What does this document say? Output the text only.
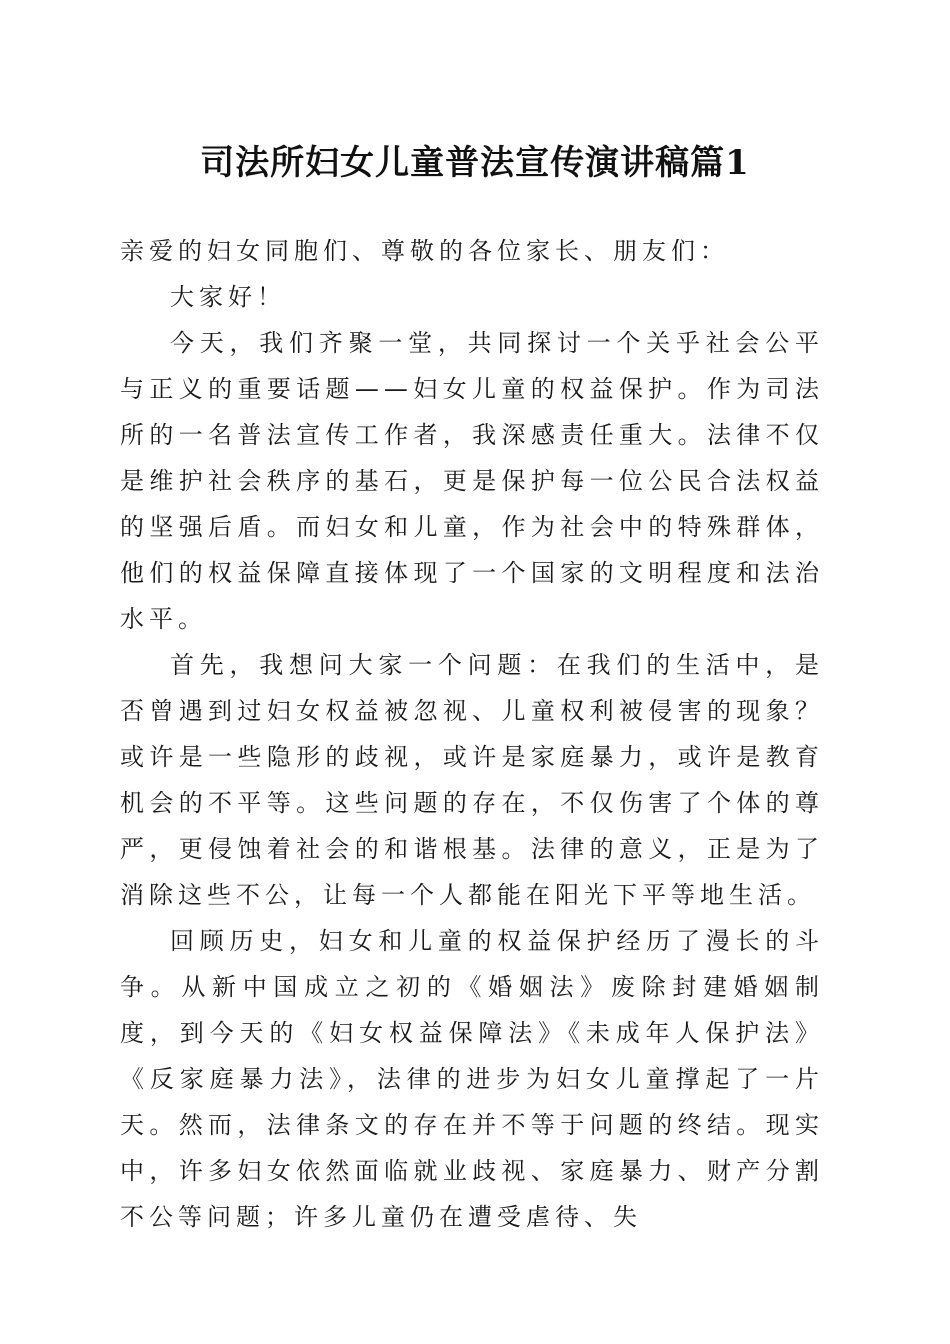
司法所妇女儿童普法宣传演讲稿篇1

亲爱的妇女同胞们、尊敬的各位家长、朋友们：

大家好！

今天，我们齐聚一堂，共同探讨一个关乎社会公平与正义的重要话题——妇女儿童的权益保护。作为司法所的一名普法宣传工作者，我深感责任重大。法律不仅是维护社会秩序的基石，更是保护每一位公民合法权益的坚强后盾。而妇女和儿童，作为社会中的特殊群体，他们的权益保障直接体现了一个国家的文明程度和法治水平。

首先，我想问大家一个问题：在我们的生活中，是否曾遇到过妇女权益被忽视、儿童权利被侵害的现象？或许是一些隐形的歧视，或许是家庭暴力，或许是教育机会的不平等。这些问题的存在，不仅伤害了个体的尊严，更侵蚀着社会的和谐根基。法律的意义，正是为了消除这些不公，让每一个人都能在阳光下平等地生活。

回顾历史，妇女和儿童的权益保护经历了漫长的斗争。从新中国成立之初的《婚姻法》废除封建婚姻制度，到今天的《妇女权益保障法》《未成年人保护法》《反家庭暴力法》，法律的进步为妇女儿童撑起了一片天。然而，法律条文的存在并不等于问题的终结。现实中，许多妇女依然面临就业歧视、家庭暴力、财产分割不公等问题；许多儿童仍在遭受虐待、失
